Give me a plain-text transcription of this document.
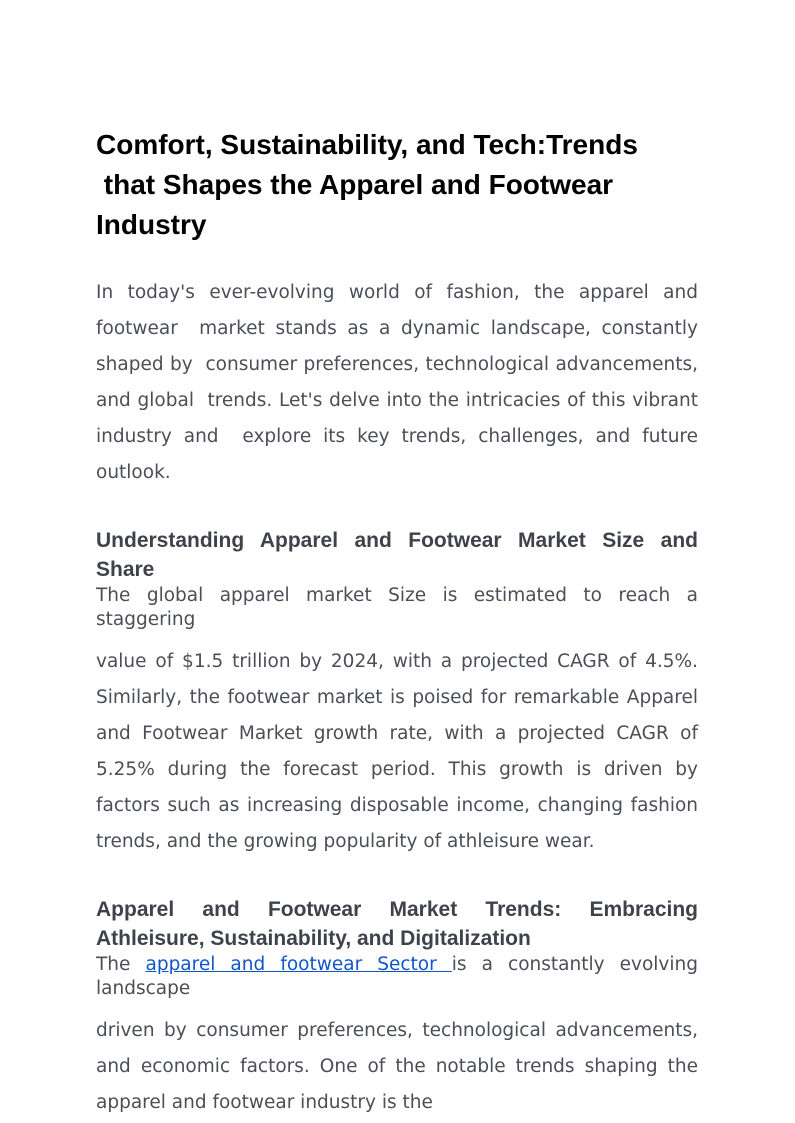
Comfort, Sustainability, and Tech:Trends
that Shapes the Apparel and Footwear
Industry

In today's ever-evolving world of fashion, the apparel and footwear  market stands as a dynamic landscape, constantly shaped by  consumer preferences, technological advancements, and global  trends. Let's delve into the intricacies of this vibrant industry and  explore its key trends, challenges, and future outlook.

Understanding Apparel and Footwear Market Size and Share

The global apparel market Size is estimated to reach a staggering

value of $1.5 trillion by 2024, with a projected CAGR of 4.5%. Similarly, the footwear market is poised for remarkable Apparel and Footwear Market growth rate, with a projected CAGR of 5.25% during the forecast period. This growth is driven by factors such as increasing disposable income, changing fashion trends, and the growing popularity of athleisure wear.

Apparel and Footwear Market Trends: Embracing Athleisure, Sustainability, and Digitalization

The apparel and footwear Sector is a constantly evolving landscape

driven by consumer preferences, technological advancements, and economic factors. One of the notable trends shaping the apparel and footwear industry is the
